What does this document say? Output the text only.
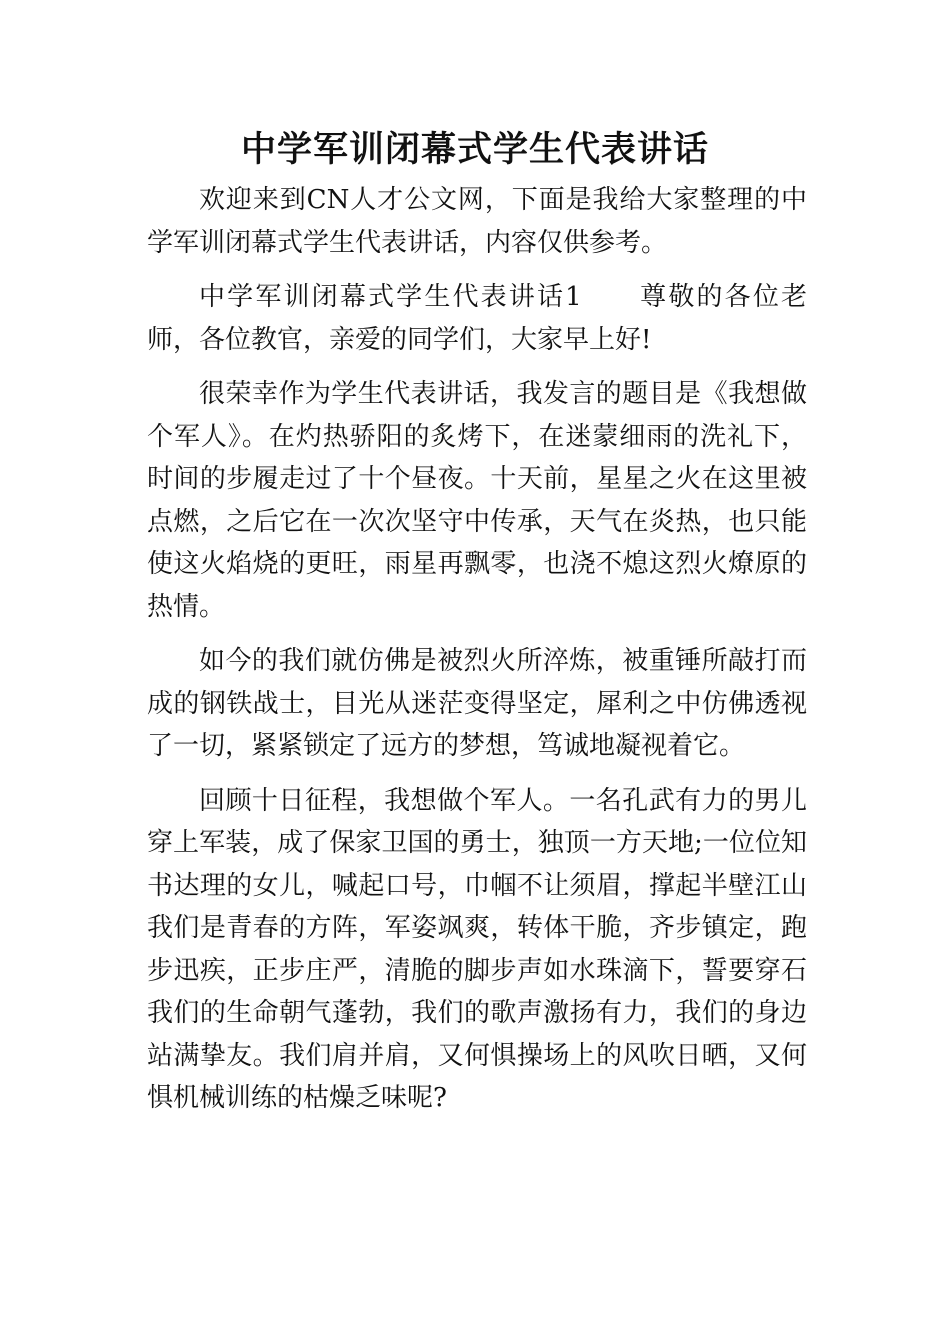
中学军训闭幕式学生代表讲话

欢迎来到CN人才公文网，下面是我给大家整理的中学军训闭幕式学生代表讲话，内容仅供参考。

中学军训闭幕式学生代表讲话1　　尊敬的各位老师，各位教官，亲爱的同学们，大家早上好!

很荣幸作为学生代表讲话，我发言的题目是《我想做个军人》。在灼热骄阳的炙烤下，在迷蒙细雨的洗礼下，时间的步履走过了十个昼夜。十天前，星星之火在这里被点燃，之后它在一次次坚守中传承，天气在炎热，也只能使这火焰烧的更旺，雨星再飘零，也浇不熄这烈火燎原的热情。

如今的我们就仿佛是被烈火所淬炼，被重锤所敲打而成的钢铁战士，目光从迷茫变得坚定，犀利之中仿佛透视了一切，紧紧锁定了远方的梦想，笃诚地凝视着它。

回顾十日征程，我想做个军人。一名孔武有力的男儿穿上军装，成了保家卫国的勇士，独顶一方天地;一位位知书达理的女儿，喊起口号，巾帼不让须眉，撑起半壁江山我们是青春的方阵，军姿飒爽，转体干脆，齐步镇定，跑步迅疾，正步庄严，清脆的脚步声如水珠滴下，誓要穿石我们的生命朝气蓬勃，我们的歌声激扬有力，我们的身边站满挚友。我们肩并肩，又何惧操场上的风吹日晒，又何惧机械训练的枯燥乏味呢?
